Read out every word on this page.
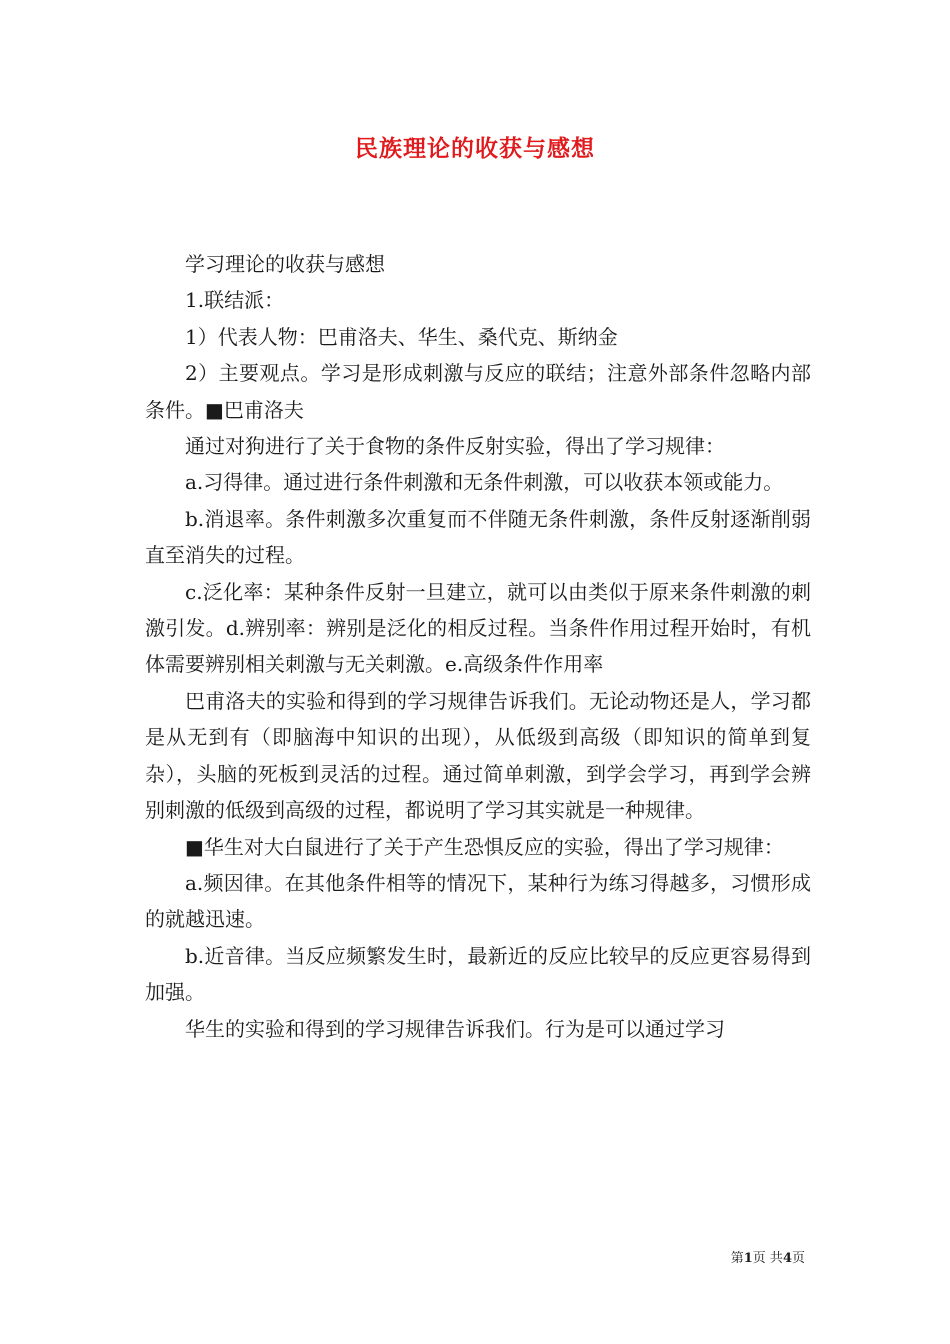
民族理论的收获与感想

学习理论的收获与感想

1.联结派：

1）代表人物：巴甫洛夫、华生、桑代克、斯纳金

2）主要观点。学习是形成刺激与反应的联结；注意外部条件忽略内部条件。■巴甫洛夫

通过对狗进行了关于食物的条件反射实验，得出了学习规律：

a.习得律。通过进行条件刺激和无条件刺激，可以收获本领或能力。

b.消退率。条件刺激多次重复而不伴随无条件刺激，条件反射逐渐削弱直至消失的过程。

c.泛化率：某种条件反射一旦建立，就可以由类似于原来条件刺激的刺激引发。d.辨别率：辨别是泛化的相反过程。当条件作用过程开始时，有机体需要辨别相关刺激与无关刺激。e.高级条件作用率

巴甫洛夫的实验和得到的学习规律告诉我们。无论动物还是人，学习都是从无到有（即脑海中知识的出现），从低级到高级（即知识的简单到复杂），头脑的死板到灵活的过程。通过简单刺激，到学会学习，再到学会辨别刺激的低级到高级的过程，都说明了学习其实就是一种规律。

■华生对大白鼠进行了关于产生恐惧反应的实验，得出了学习规律：

a.频因律。在其他条件相等的情况下，某种行为练习得越多，习惯形成的就越迅速。

b.近音律。当反应频繁发生时，最新近的反应比较早的反应更容易得到加强。

华生的实验和得到的学习规律告诉我们。行为是可以通过学习

第1页 共4页
